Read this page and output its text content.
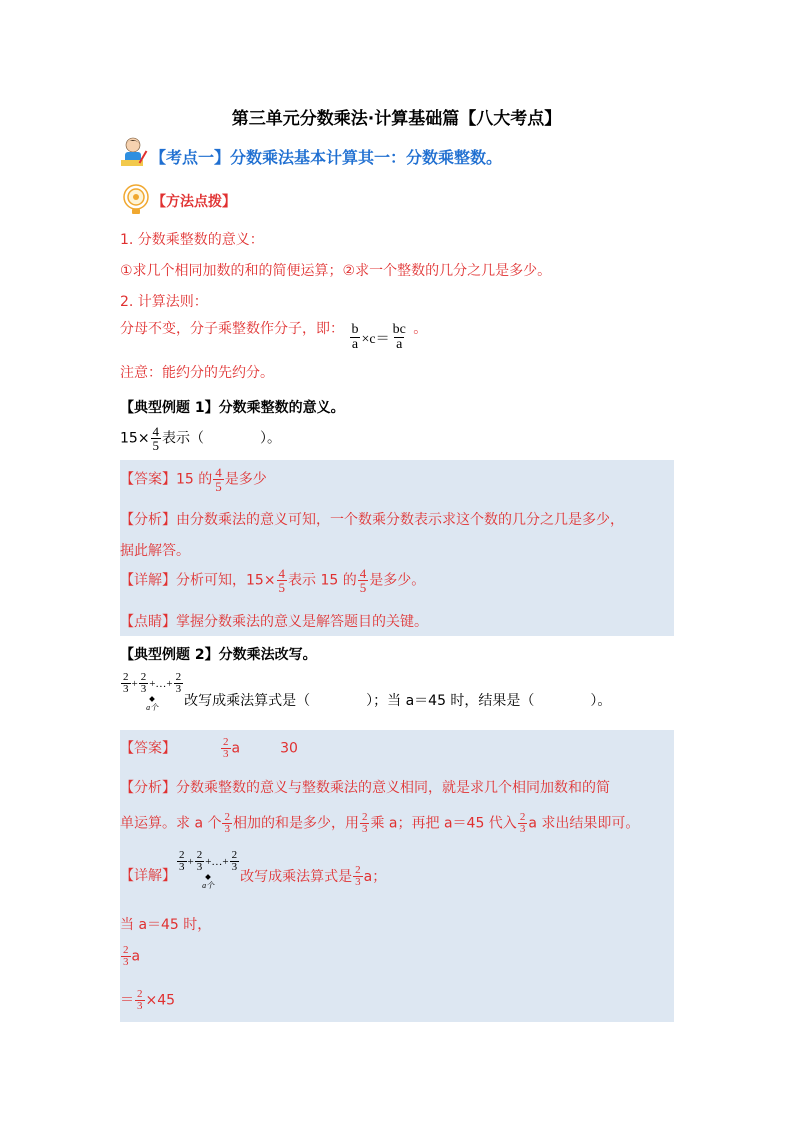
第三单元分数乘法·计算基础篇【八大考点】
【考点一】分数乘法基本计算其一：分数乘整数。
【方法点拨】
1. 分数乘整数的意义：
①求几个相同加数的和的简便运算；②求一个整数的几分之几是多少。
2. 计算法则：
分母不变，分子乘整数作分子，即： $\frac{b}{a} \times c= \frac{bc}{a}$ 。
注意：能约分的先约分。
【典型例题 1】分数乘整数的意义。
$15\times \frac{4}{5}$ 表示（　　　　）。
【答案】15 的 $\frac{4}{5}$ 是多少
【分析】由分数乘法的意义可知，一个数乘分数表示求这个数的几分之几是多少，
据此解答。
【详解】分析可知，$15\times \frac{4}{5}$ 表示 15 的 $\frac{4}{5}$ 是多少。
【点睛】掌握分数乘法的意义是解答题目的关键。
【典型例题 2】分数乘法改写。
$\frac{2}{3} + \frac{2}{3}$ +…+ $\frac{2}{3}$
a个 改写成乘法算式是（　　　　）；当 a＝45 时，结果是（　　　　）。
【答案】	$\frac{2}{3}$ a	30
【分析】分数乘整数的意义与整数乘法的意义相同，就是求几个相同加数和的简
单运算。求 a 个 $\frac{2}{3}$ 相加的和是多少，用 $\frac{2}{3}$ 乘 a；再把 a＝45 代入 $\frac{2}{3}$ a 求出结果即可。
【详解】
$\frac{2}{3} + \frac{2}{3}$ +…+ $\frac{2}{3}$
a个
改写成乘法算式是 $\frac{2}{3}$ a；
当 a＝45 时，
$\frac{2}{3}$ a
＝ $\frac{2}{3} \times 45$
